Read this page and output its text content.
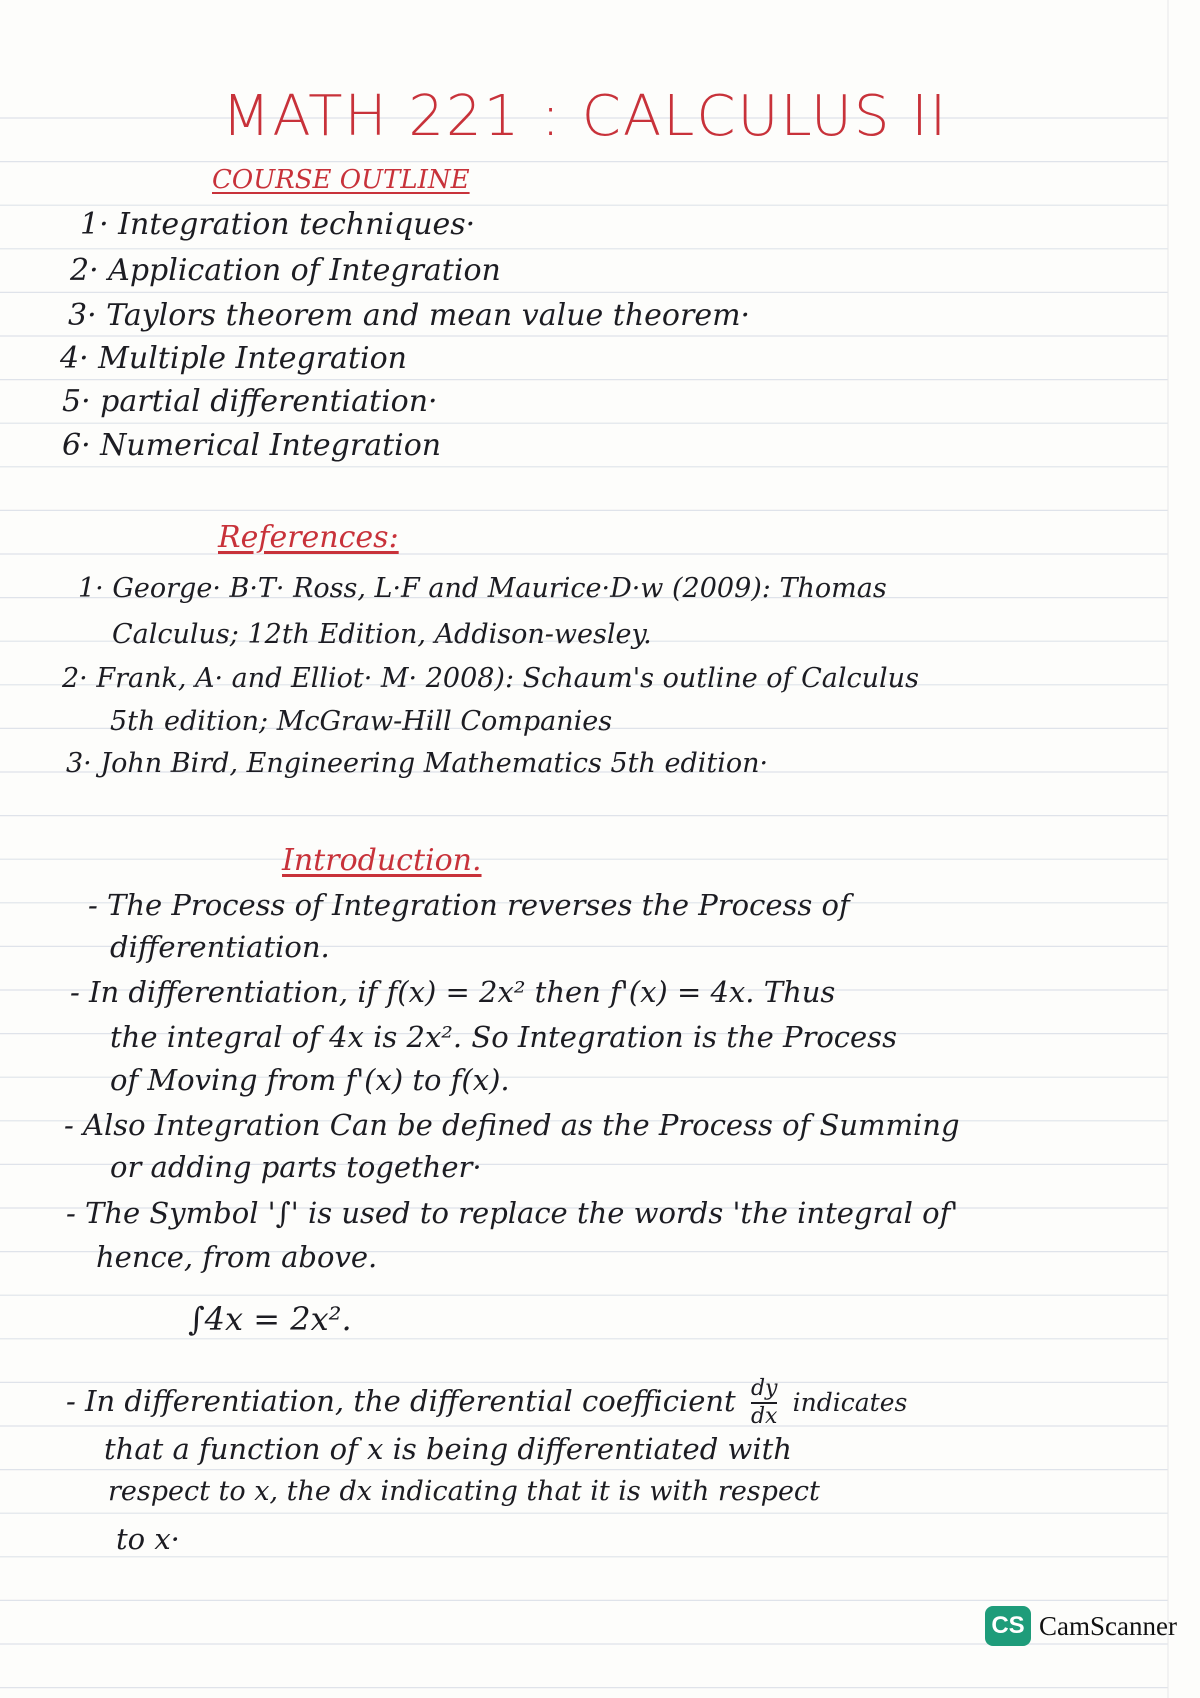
MATH 221 : CALCULUS II
COURSE OUTLINE
1· Integration techniques·
2· Application of Integration
3· Taylors theorem and mean value theorem·
4· Multiple Integration
5· partial differentiation·
6· Numerical Integration
References:
1· George· B·T· Ross, L·F and Maurice·D·w (2009): Thomas
Calculus; 12th Edition, Addison-wesley.
2· Frank, A· and Elliot· M· 2008): Schaum's outline of Calculus
5th edition; McGraw-Hill Companies
3· John Bird, Engineering Mathematics 5th edition·
Introduction.
- The Process of Integration reverses the Process of
differentiation.
- In differentiation, if f(x) = 2x² then f'(x) = 4x. Thus
the integral of 4x is 2x². So Integration is the Process
of Moving from f'(x) to f(x).
- Also Integration Can be defined as the Process of Summing
or adding parts together·
- The Symbol '∫' is used to replace the words 'the integral of'
hence, from above.
∫4x = 2x².
- In differentiation, the differential coefficient $\frac{dy}{dx}$ indicates
that a function of x is being differentiated with
respect to x, the dx indicating that it is with respect
to x·
CS CamScanner
